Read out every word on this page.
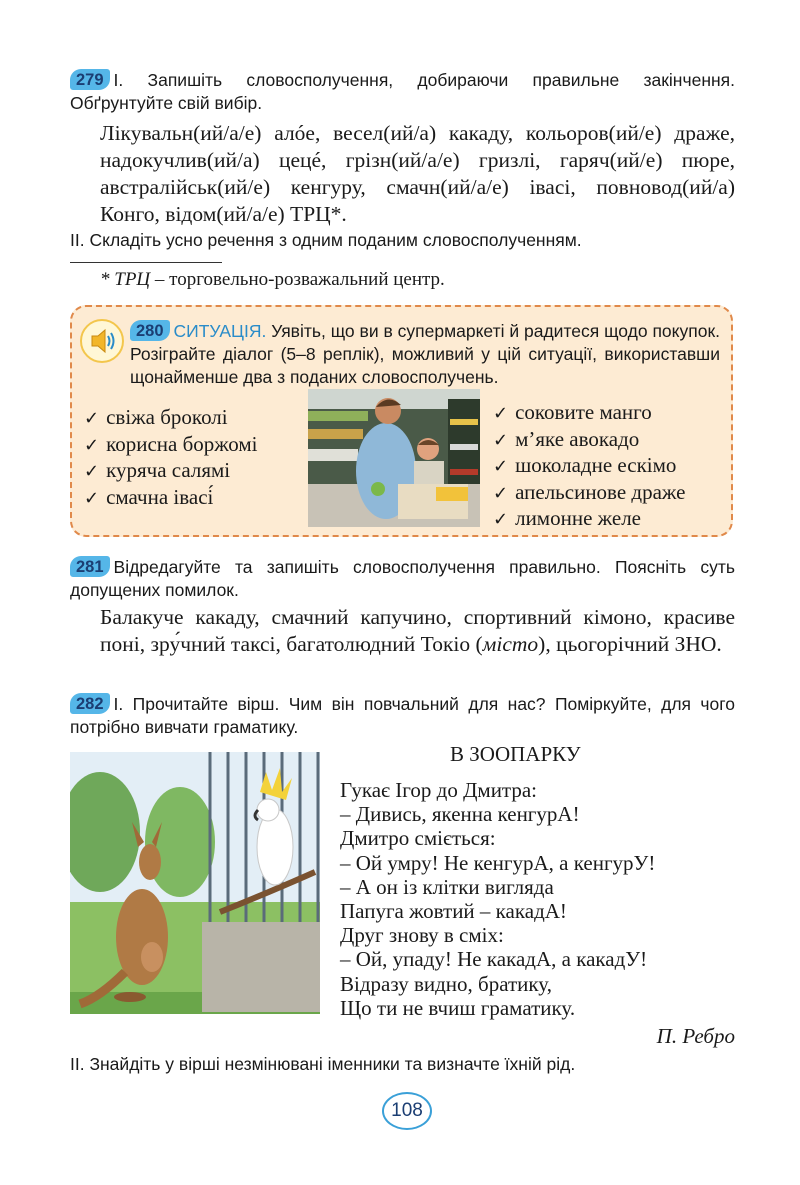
279 І. Запишіть словосполучення, добираючи правильне закінчення. Обґрунтуйте свій вибір.
Лікувальн(ий/а/е) алóе, весел(ий/а) какаду, кольоров(ий/е) драже, надокучлив(ий/а) цецé, грізн(ий/а/е) гризлі, гаряч(ий/е) пюре, австралійськ(ий/е) кенгуру, смачн(ий/а/е) івасі, повновод(ий/а) Конго, відом(ий/а/е) ТРЦ*.
ІІ. Складіть усно речення з одним поданим словосполученням.
* ТРЦ – торговельно-розважальний центр.
280 СИТУАЦІЯ. Уявіть, що ви в супермаркеті й радитеся щодо покупок. Розіграйте діалог (5–8 реплік), можливий у цій ситуації, використавши щонайменше два з поданих словосполучень.
✓ свіжа броколі
✓ корисна боржомі
✓ куряча салямі
✓ смачна івасі́
✓ соковите манго
✓ м’яке авокадо
✓ шоколадне ескімо
✓ апельсинове драже
✓ лимонне желе
281 Відредагуйте та запишіть словосполучення правильно. Поясніть суть допущених помилок.
Балакуче какаду, смачний капучино, спортивний кімоно, красиве поні, зру́чний таксі, багатолюдний Токіо (місто), цьогорічний ЗНО.
282 І. Прочитайте вірш. Чим він повчальний для нас? Поміркуйте, для чого потрібно вивчати граматику.
В ЗООПАРКУ
Гукає Ігор до Дмитра:
– Дивись, якенна кенгурА!
Дмитро сміється:
– Ой умру! Не кенгурА, а кенгурУ!
– А он із клітки вигляда
Папуга жовтий – какадА!
Друг знову в сміх:
– Ой, упаду! Не какадА, а какадУ!
Відразу видно, братику,
Що ти не вчиш граматику.
П. Ребро
ІІ. Знайдіть у вірші незмінювані іменники та визначте їхній рід.
108
